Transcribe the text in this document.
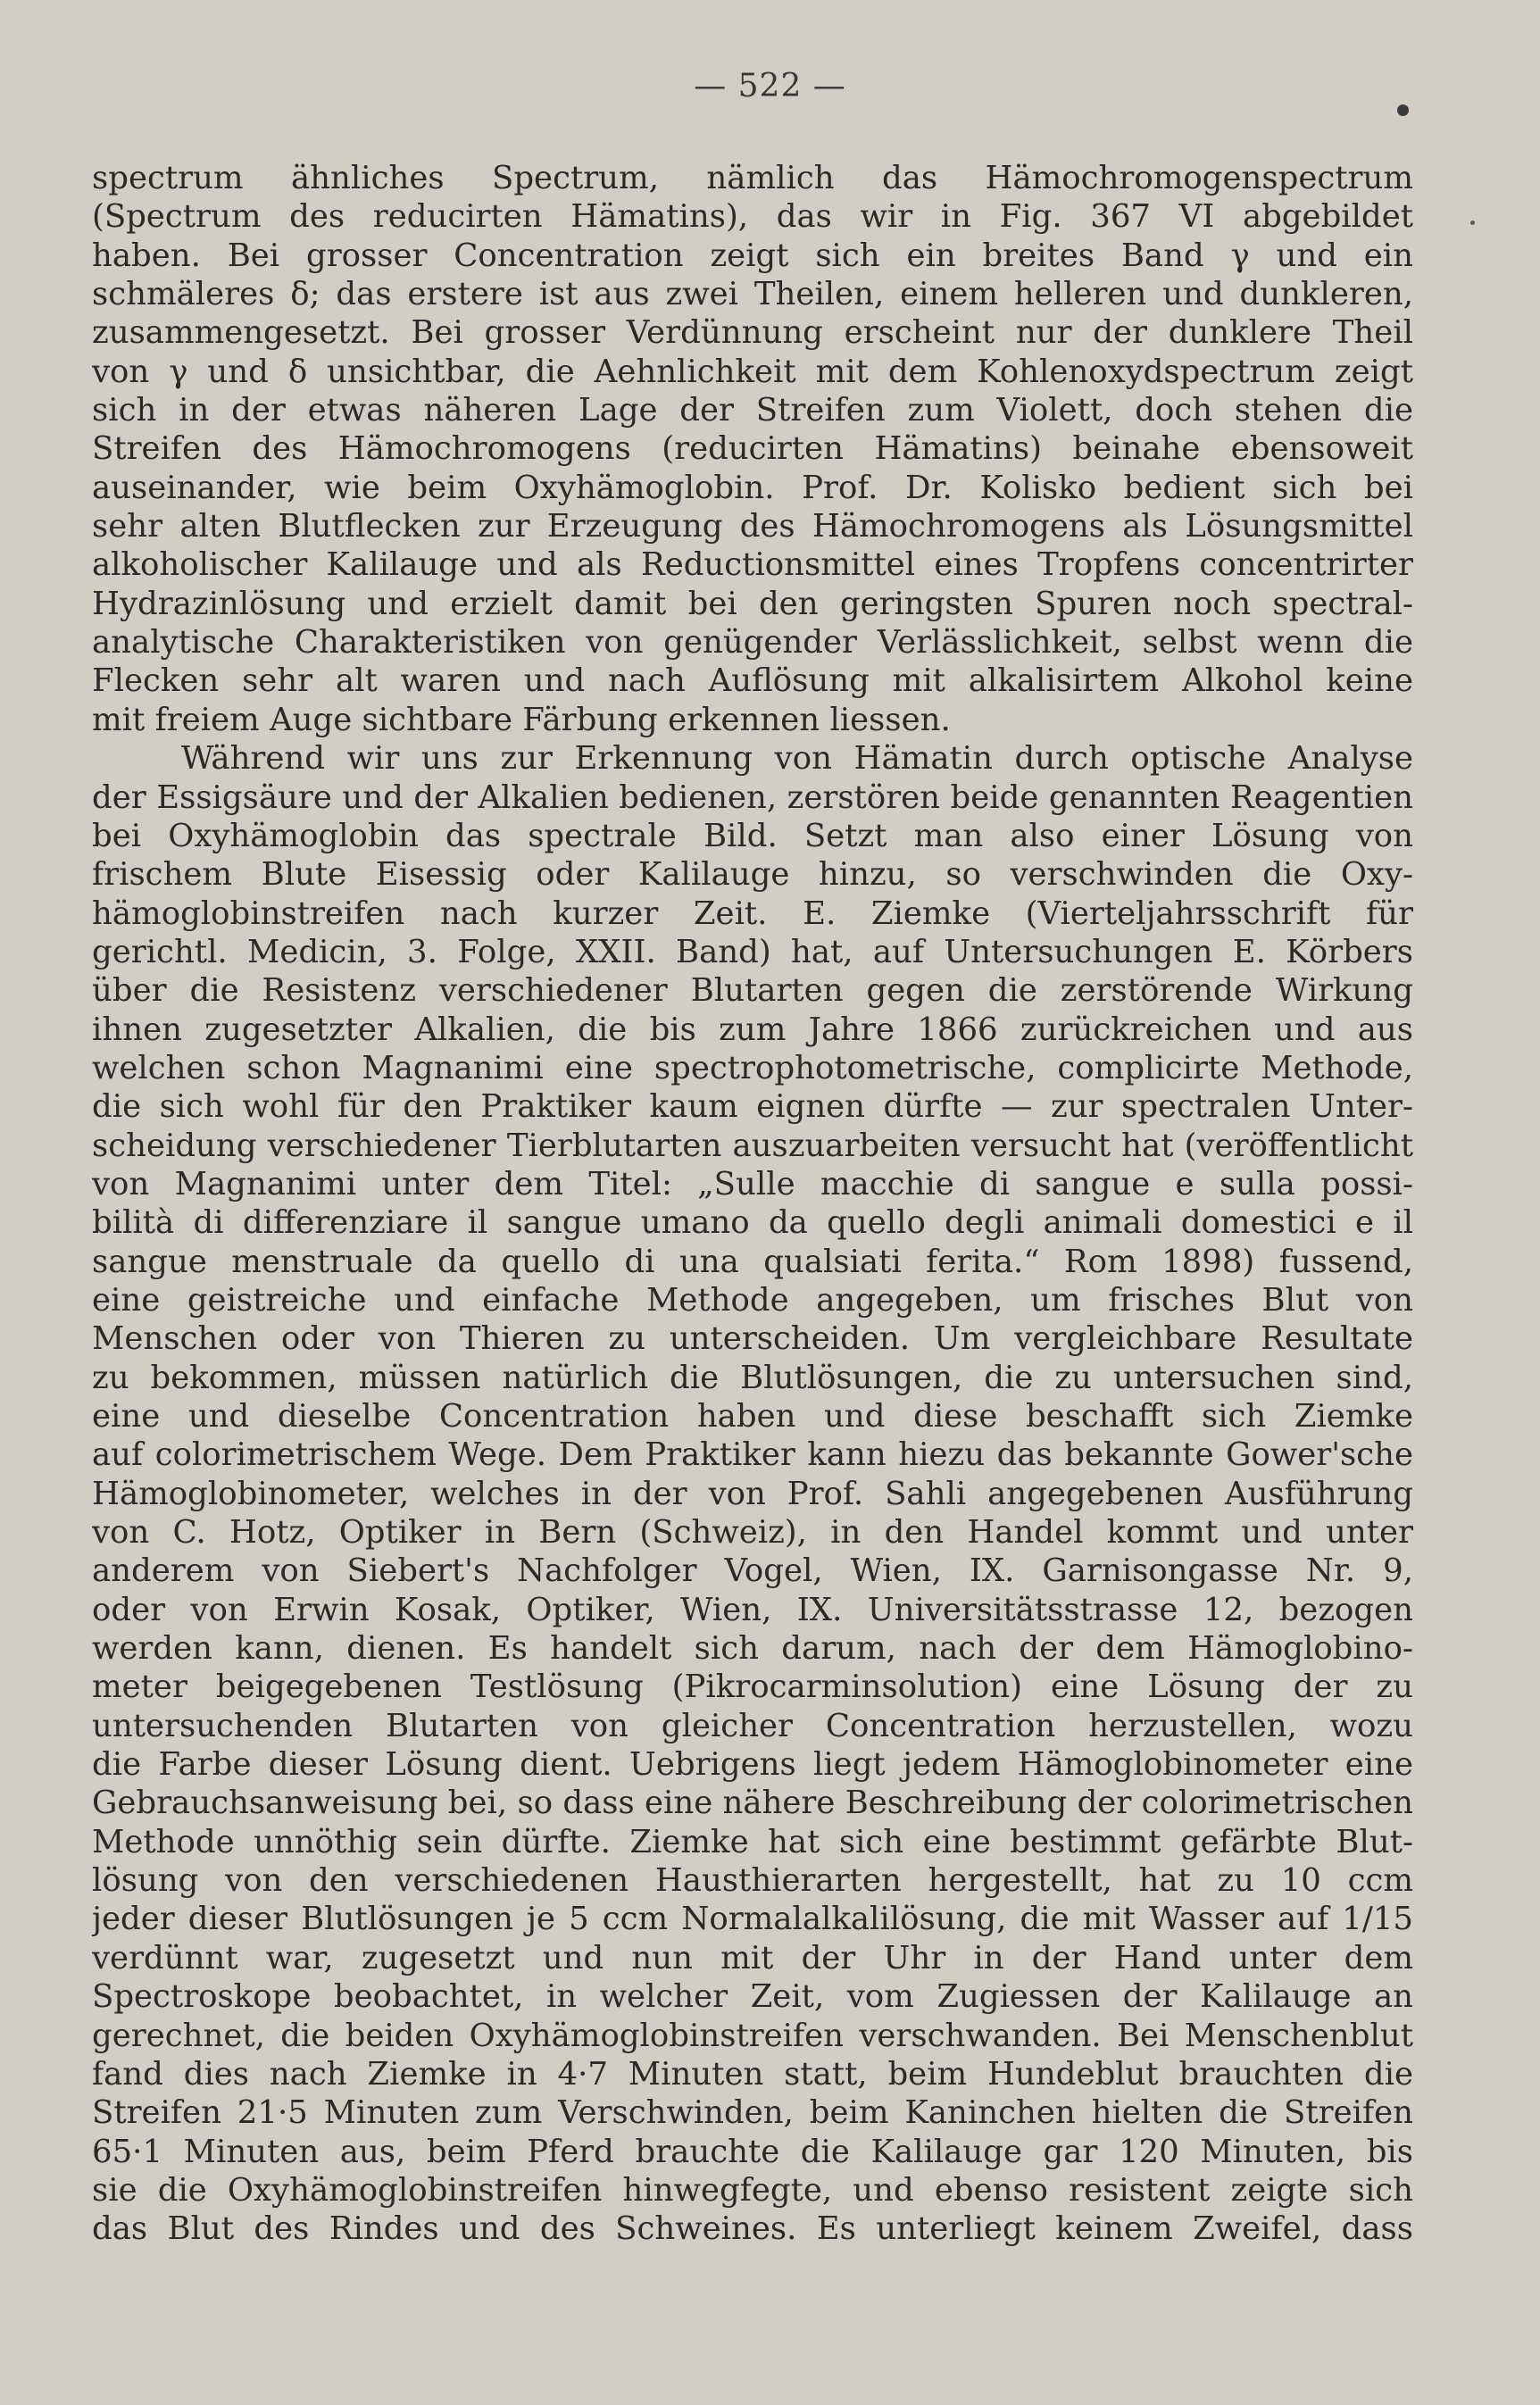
— 522 —
spectrum ähnliches Spectrum, nämlich das Hämochromogenspectrum
(Spectrum des reducirten Hämatins), das wir in Fig. 367 VI abgebildet
haben. Bei grosser Concentration zeigt sich ein breites Band γ und ein
schmäleres δ; das erstere ist aus zwei Theilen, einem helleren und dunkleren,
zusammengesetzt. Bei grosser Verdünnung erscheint nur der dunklere Theil
von γ und δ unsichtbar, die Aehnlichkeit mit dem Kohlenoxydspectrum zeigt
sich in der etwas näheren Lage der Streifen zum Violett, doch stehen die
Streifen des Hämochromogens (reducirten Hämatins) beinahe ebensoweit
auseinander, wie beim Oxyhämoglobin. Prof. Dr. Kolisko bedient sich bei
sehr alten Blutflecken zur Erzeugung des Hämochromogens als Lösungsmittel
alkoholischer Kalilauge und als Reductionsmittel eines Tropfens concentrirter
Hydrazinlösung und erzielt damit bei den geringsten Spuren noch spectral-
analytische Charakteristiken von genügender Verlässlichkeit, selbst wenn die
Flecken sehr alt waren und nach Auflösung mit alkalisirtem Alkohol keine
mit freiem Auge sichtbare Färbung erkennen liessen.
Während wir uns zur Erkennung von Hämatin durch optische Analyse
der Essigsäure und der Alkalien bedienen, zerstören beide genannten Reagentien
bei Oxyhämoglobin das spectrale Bild. Setzt man also einer Lösung von
frischem Blute Eisessig oder Kalilauge hinzu, so verschwinden die Oxy-
hämoglobinstreifen nach kurzer Zeit. E. Ziemke (Vierteljahrsschrift für
gerichtl. Medicin, 3. Folge, XXII. Band) hat, auf Untersuchungen E. Körbers
über die Resistenz verschiedener Blutarten gegen die zerstörende Wirkung
ihnen zugesetzter Alkalien, die bis zum Jahre 1866 zurückreichen und aus
welchen schon Magnanimi eine spectrophotometrische, complicirte Methode,
die sich wohl für den Praktiker kaum eignen dürfte — zur spectralen Unter-
scheidung verschiedener Tierblutarten auszuarbeiten versucht hat (veröffentlicht
von Magnanimi unter dem Titel: „Sulle macchie di sangue e sulla possi-
bilità di differenziare il sangue umano da quello degli animali domestici e il
sangue menstruale da quello di una qualsiati ferita.“ Rom 1898) fussend,
eine geistreiche und einfache Methode angegeben, um frisches Blut von
Menschen oder von Thieren zu unterscheiden. Um vergleichbare Resultate
zu bekommen, müssen natürlich die Blutlösungen, die zu untersuchen sind,
eine und dieselbe Concentration haben und diese beschafft sich Ziemke
auf colorimetrischem Wege. Dem Praktiker kann hiezu das bekannte Gower'sche
Hämoglobinometer, welches in der von Prof. Sahli angegebenen Ausführung
von C. Hotz, Optiker in Bern (Schweiz), in den Handel kommt und unter
anderem von Siebert's Nachfolger Vogel, Wien, IX. Garnisongasse Nr. 9,
oder von Erwin Kosak, Optiker, Wien, IX. Universitätsstrasse 12, bezogen
werden kann, dienen. Es handelt sich darum, nach der dem Hämoglobino-
meter beigegebenen Testlösung (Pikrocarminsolution) eine Lösung der zu
untersuchenden Blutarten von gleicher Concentration herzustellen, wozu
die Farbe dieser Lösung dient. Uebrigens liegt jedem Hämoglobinometer eine
Gebrauchsanweisung bei, so dass eine nähere Beschreibung der colorimetrischen
Methode unnöthig sein dürfte. Ziemke hat sich eine bestimmt gefärbte Blut-
lösung von den verschiedenen Hausthierarten hergestellt, hat zu 10 ccm
jeder dieser Blutlösungen je 5 ccm Normalalkalilösung, die mit Wasser auf 1/15
verdünnt war, zugesetzt und nun mit der Uhr in der Hand unter dem
Spectroskope beobachtet, in welcher Zeit, vom Zugiessen der Kalilauge an
gerechnet, die beiden Oxyhämoglobinstreifen verschwanden. Bei Menschenblut
fand dies nach Ziemke in 4·7 Minuten statt, beim Hundeblut brauchten die
Streifen 21·5 Minuten zum Verschwinden, beim Kaninchen hielten die Streifen
65·1 Minuten aus, beim Pferd brauchte die Kalilauge gar 120 Minuten, bis
sie die Oxyhämoglobinstreifen hinwegfegte, und ebenso resistent zeigte sich
das Blut des Rindes und des Schweines. Es unterliegt keinem Zweifel, dass
